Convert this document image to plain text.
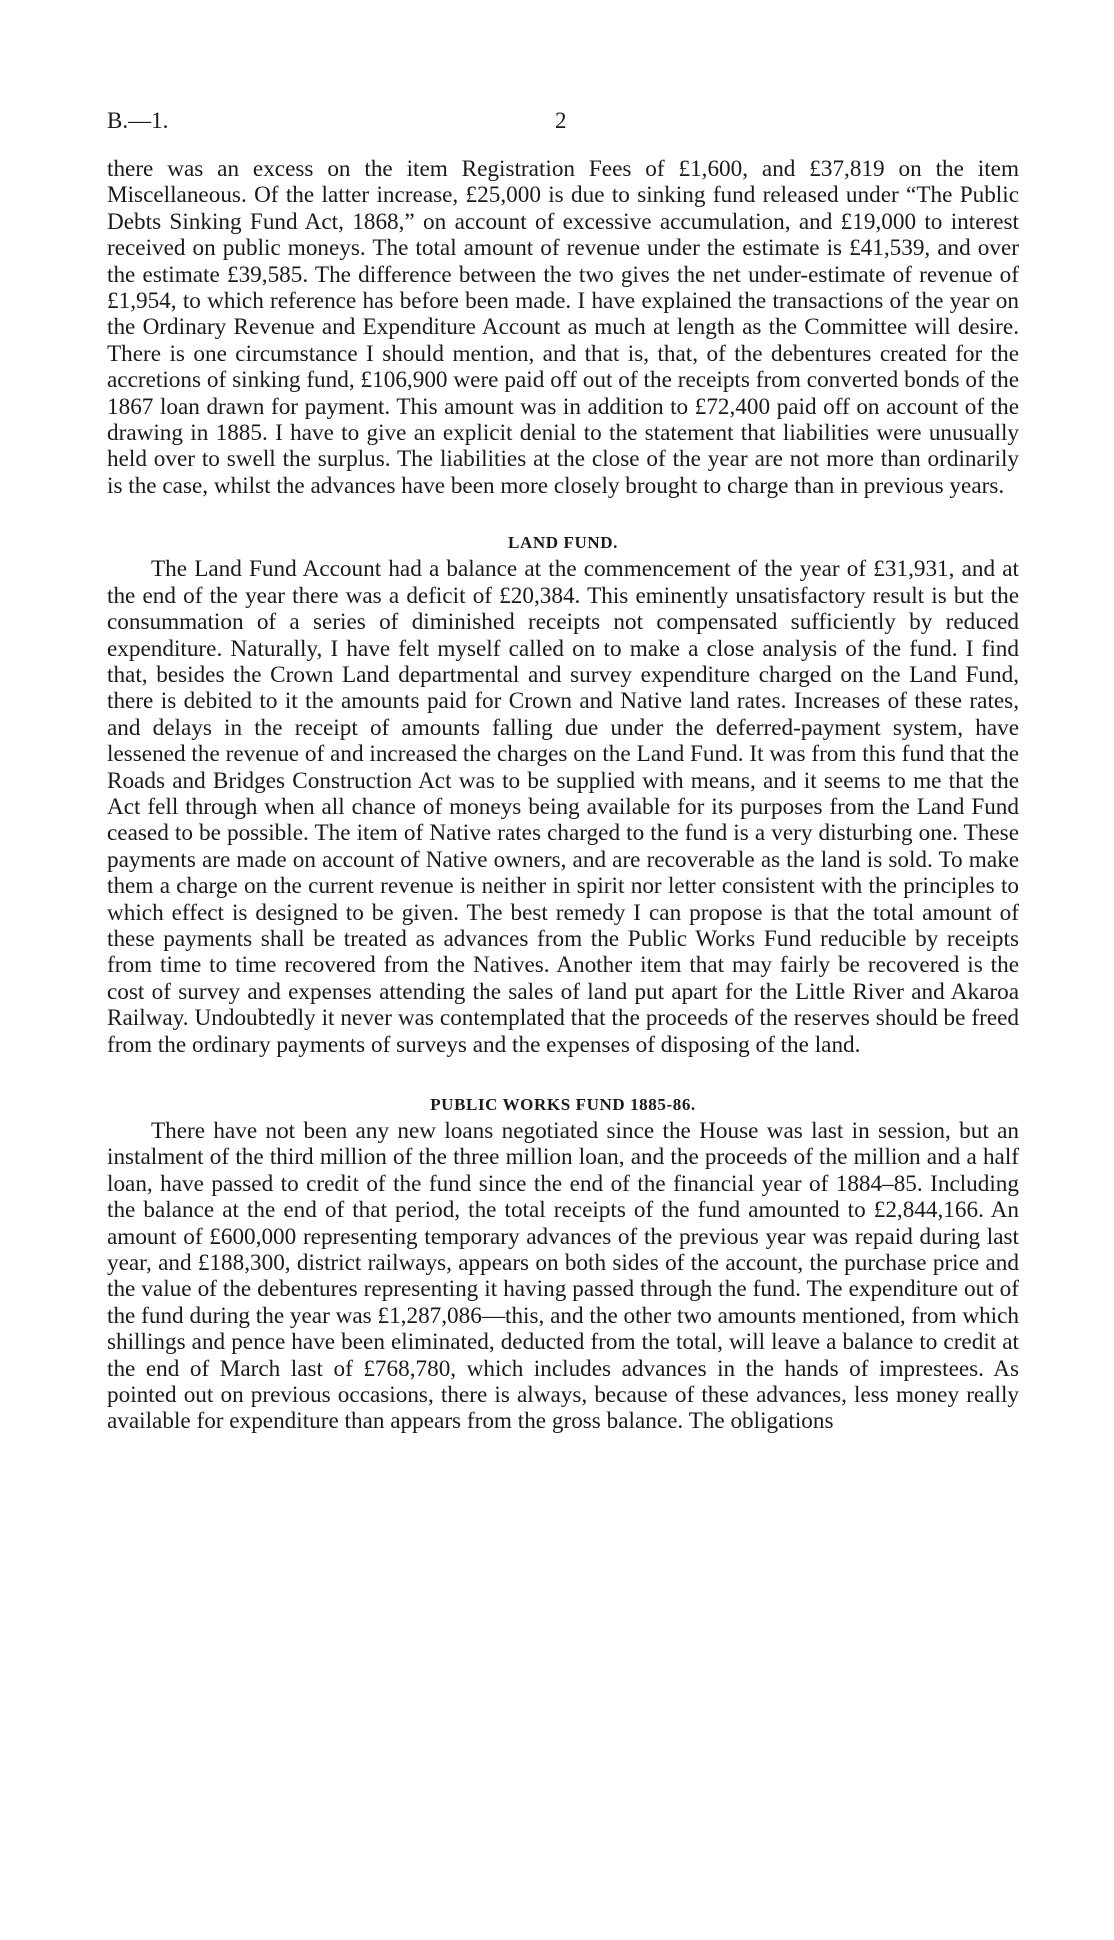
B.—1.	2

there was an excess on the item Registration Fees of £1,600, and £37,819 on the item Miscellaneous. Of the latter increase, £25,000 is due to sinking fund released under “The Public Debts Sinking Fund Act, 1868,” on account of excessive accumulation, and £19,000 to interest received on public moneys. The total amount of revenue under the estimate is £41,539, and over the estimate £39,585. The difference between the two gives the net under-estimate of revenue of £1,954, to which reference has before been made. I have explained the transactions of the year on the Ordinary Revenue and Expenditure Account as much at length as the Committee will desire. There is one circumstance I should mention, and that is, that, of the debentures created for the accretions of sinking fund, £106,900 were paid off out of the receipts from converted bonds of the 1867 loan drawn for payment. This amount was in addition to £72,400 paid off on account of the drawing in 1885. I have to give an explicit denial to the statement that liabilities were unusually held over to swell the surplus. The liabilities at the close of the year are not more than ordinarily is the case, whilst the advances have been more closely brought to charge than in previous years.

LAND FUND.

The Land Fund Account had a balance at the commencement of the year of £31,931, and at the end of the year there was a deficit of £20,384. This eminently unsatisfactory result is but the consummation of a series of diminished receipts not compensated sufficiently by reduced expenditure. Naturally, I have felt myself called on to make a close analysis of the fund. I find that, besides the Crown Land departmental and survey expenditure charged on the Land Fund, there is debited to it the amounts paid for Crown and Native land rates. Increases of these rates, and delays in the receipt of amounts falling due under the deferred-payment system, have lessened the revenue of and increased the charges on the Land Fund. It was from this fund that the Roads and Bridges Construction Act was to be supplied with means, and it seems to me that the Act fell through when all chance of moneys being available for its purposes from the Land Fund ceased to be possible. The item of Native rates charged to the fund is a very disturbing one. These payments are made on account of Native owners, and are recoverable as the land is sold. To make them a charge on the current revenue is neither in spirit nor letter consistent with the principles to which effect is designed to be given. The best remedy I can propose is that the total amount of these payments shall be treated as advances from the Public Works Fund reducible by receipts from time to time recovered from the Natives. Another item that may fairly be recovered is the cost of survey and expenses attending the sales of land put apart for the Little River and Akaroa Railway. Undoubtedly it never was contemplated that the proceeds of the reserves should be freed from the ordinary payments of surveys and the expenses of disposing of the land.

PUBLIC WORKS FUND 1885-86.

There have not been any new loans negotiated since the House was last in session, but an instalment of the third million of the three million loan, and the proceeds of the million and a half loan, have passed to credit of the fund since the end of the financial year of 1884–85. Including the balance at the end of that period, the total receipts of the fund amounted to £2,844,166. An amount of £600,000 representing temporary advances of the previous year was repaid during last year, and £188,300, district railways, appears on both sides of the account, the purchase price and the value of the debentures representing it having passed through the fund. The expenditure out of the fund during the year was £1,287,086—this, and the other two amounts mentioned, from which shillings and pence have been eliminated, deducted from the total, will leave a balance to credit at the end of March last of £768,780, which includes advances in the hands of imprestees. As pointed out on previous occasions, there is always, because of these advances, less money really available for expenditure than appears from the gross balance. The obligations
